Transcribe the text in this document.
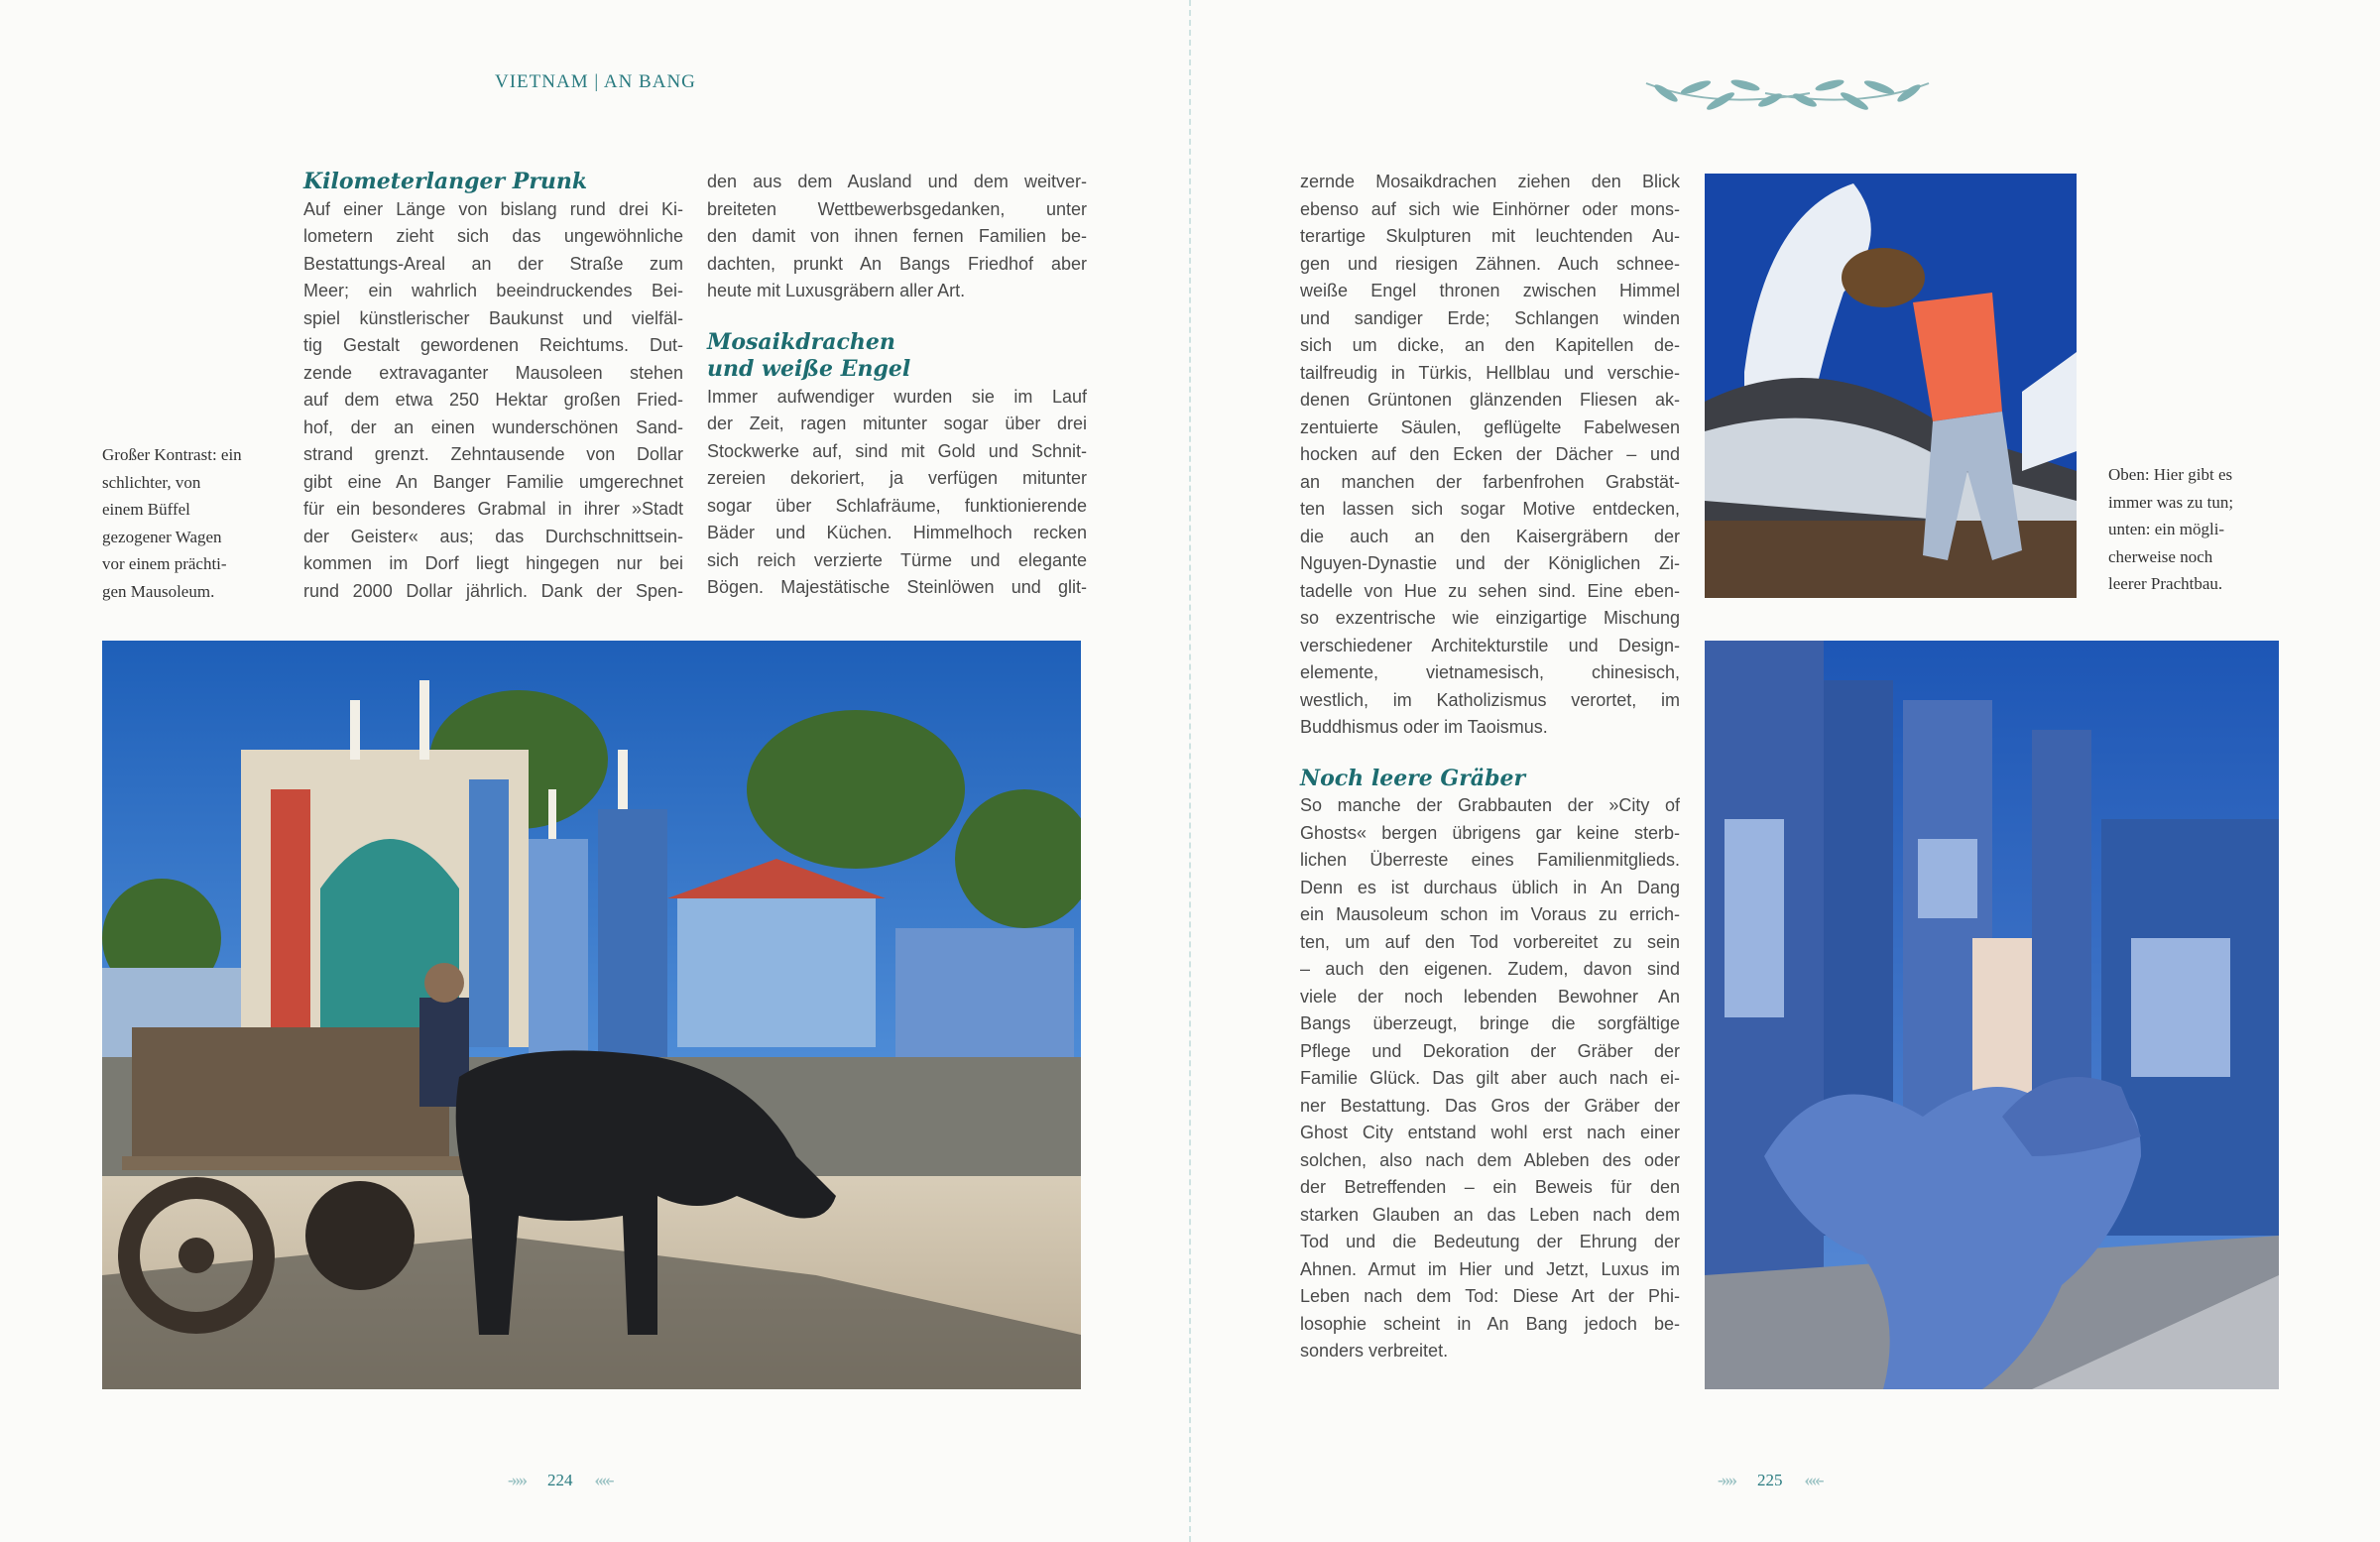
VIETNAM | AN BANG
Großer Kontrast: ein
schlichter, von
einem Büffel
gezogener Wagen
vor einem prächti-
gen Mausoleum.
Kilometerlanger Prunk
Auf einer Länge von bislang rund drei Ki-
lometern zieht sich das ungewöhnliche
Bestattungs-Areal an der Straße zum
Meer; ein wahrlich beeindruckendes Bei-
spiel künstlerischer Baukunst und vielfäl-
tig Gestalt gewordenen Reichtums. Dut-
zende extravaganter Mausoleen stehen
auf dem etwa 250 Hektar großen Fried-
hof, der an einen wunderschönen Sand-
strand grenzt. Zehntausende von Dollar
gibt eine An Banger Familie umgerechnet
für ein besonderes Grabmal in ihrer »Stadt
der Geister« aus; das Durchschnittsein-
kommen im Dorf liegt hingegen nur bei
rund 2000 Dollar jährlich. Dank der Spen-
den aus dem Ausland und dem weitver-
breiteten Wettbewerbsgedanken, unter
den damit von ihnen fernen Familien be-
dachten, prunkt An Bangs Friedhof aber
heute mit Luxusgräbern aller Art.
Mosaikdrachen
und weiße Engel
Immer aufwendiger wurden sie im Lauf
der Zeit, ragen mitunter sogar über drei
Stockwerke auf, sind mit Gold und Schnit-
zereien dekoriert, ja verfügen mitunter
sogar über Schlafräume, funktionierende
Bäder und Küchen. Himmelhoch recken
sich reich verzierte Türme und elegante
Bögen. Majestätische Steinlöwen und glit-
-»» 224 ««-
zernde Mosaikdrachen ziehen den Blick
ebenso auf sich wie Einhörner oder mons-
terartige Skulpturen mit leuchtenden Au-
gen und riesigen Zähnen. Auch schnee-
weiße Engel thronen zwischen Himmel
und sandiger Erde; Schlangen winden
sich um dicke, an den Kapitellen de-
tailfreudig in Türkis, Hellblau und verschie-
denen Grüntonen glänzenden Fliesen ak-
zentuierte Säulen, geflügelte Fabelwesen
hocken auf den Ecken der Dächer – und
an manchen der farbenfrohen Grabstät-
ten lassen sich sogar Motive entdecken,
die auch an den Kaisergräbern der
Nguyen-Dynastie und der Königlichen Zi-
tadelle von Hue zu sehen sind. Eine eben-
so exzentrische wie einzigartige Mischung
verschiedener Architekturstile und Design-
elemente, vietnamesisch, chinesisch,
westlich, im Katholizismus verortet, im
Buddhismus oder im Taoismus.
Noch leere Gräber
So manche der Grabbauten der »City of
Ghosts« bergen übrigens gar keine sterb-
lichen Überreste eines Familienmitglieds.
Denn es ist durchaus üblich in An Dang
ein Mausoleum schon im Voraus zu errich-
ten, um auf den Tod vorbereitet zu sein
– auch den eigenen. Zudem, davon sind
viele der noch lebenden Bewohner An
Bangs überzeugt, bringe die sorgfältige
Pflege und Dekoration der Gräber der
Familie Glück. Das gilt aber auch nach ei-
ner Bestattung. Das Gros der Gräber der
Ghost City entstand wohl erst nach einer
solchen, also nach dem Ableben des oder
der Betreffenden – ein Beweis für den
starken Glauben an das Leben nach dem
Tod und die Bedeutung der Ehrung der
Ahnen. Armut im Hier und Jetzt, Luxus im
Leben nach dem Tod: Diese Art der Phi-
losophie scheint in An Bang jedoch be-
sonders verbreitet.
Oben: Hier gibt es
immer was zu tun;
unten: ein mögli-
cherweise noch
leerer Prachtbau.
-»» 225 ««-
